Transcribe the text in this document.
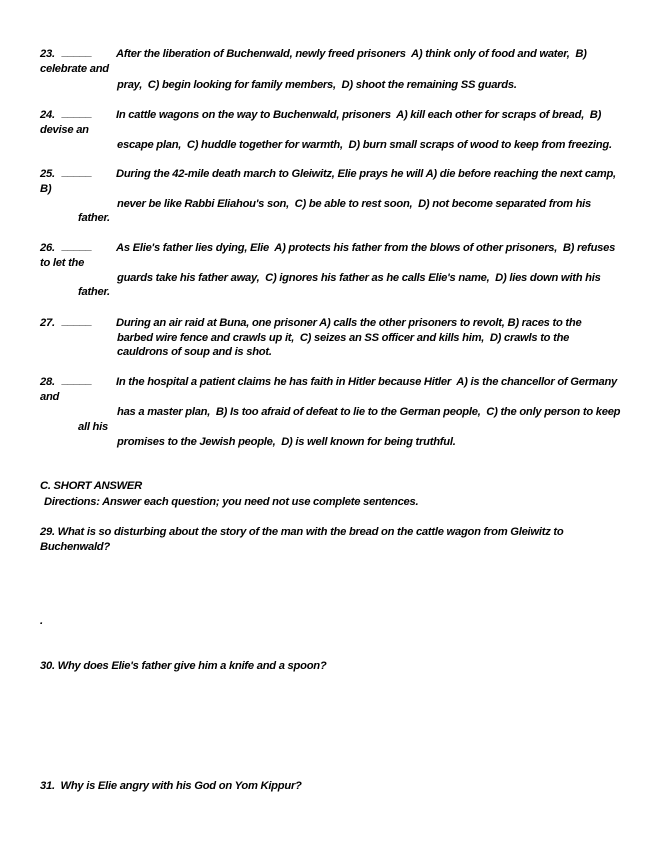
23. _____ After the liberation of Buchenwald, newly freed prisoners  A) think only of food and water,  B)
celebrate and
pray,  C) begin looking for family members,  D) shoot the remaining SS guards.
24. _____ In cattle wagons on the way to Buchenwald, prisoners  A) kill each other for scraps of bread,  B)
devise an
escape plan,  C) huddle together for warmth,  D) burn small scraps of wood to keep from freezing.
25. _____ During the 42-mile death march to Gleiwitz, Elie prays he will A) die before reaching the next camp,
B)
never be like Rabbi Eliahou's son,  C) be able to rest soon,  D) not become separated from his
father.
26. _____ As Elie's father lies dying, Elie  A) protects his father from the blows of other prisoners,  B) refuses
to let the
guards take his father away,  C) ignores his father as he calls Elie's name,  D) lies down with his
father.
27. _____ During an air raid at Buna, one prisoner A) calls the other prisoners to revolt, B) races to the
barbed wire fence and crawls up it,  C) seizes an SS officer and kills him,  D) crawls to the
cauldrons of soup and is shot.
28. _____ In the hospital a patient claims he has faith in Hitler because Hitler  A) is the chancellor of Germany
and
has a master plan,  B) Is too afraid of defeat to lie to the German people,  C) the only person to keep
all his
promises to the Jewish people,  D) is well known for being truthful.
C. SHORT ANSWER
Directions: Answer each question; you need not use complete sentences.
29. What is so disturbing about the story of the man with the bread on the cattle wagon from Gleiwitz to
Buchenwald?
.
30. Why does Elie's father give him a knife and a spoon?
31.  Why is Elie angry with his God on Yom Kippur?
